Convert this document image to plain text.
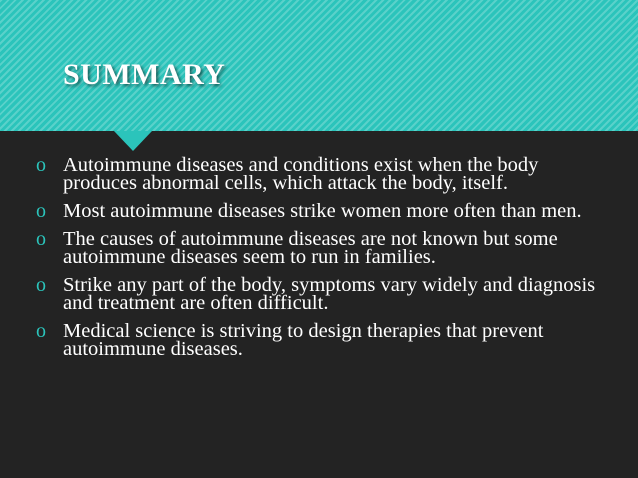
SUMMARY
o Autoimmune diseases and conditions exist when the body produces abnormal cells, which attack the body, itself.
o Most autoimmune diseases strike women more often than men.
o The causes of autoimmune diseases are not known but some autoimmune diseases seem to run in families.
o Strike any part of the body, symptoms vary widely and diagnosis and treatment are often difficult.
o Medical science is striving to design therapies that prevent autoimmune diseases.
